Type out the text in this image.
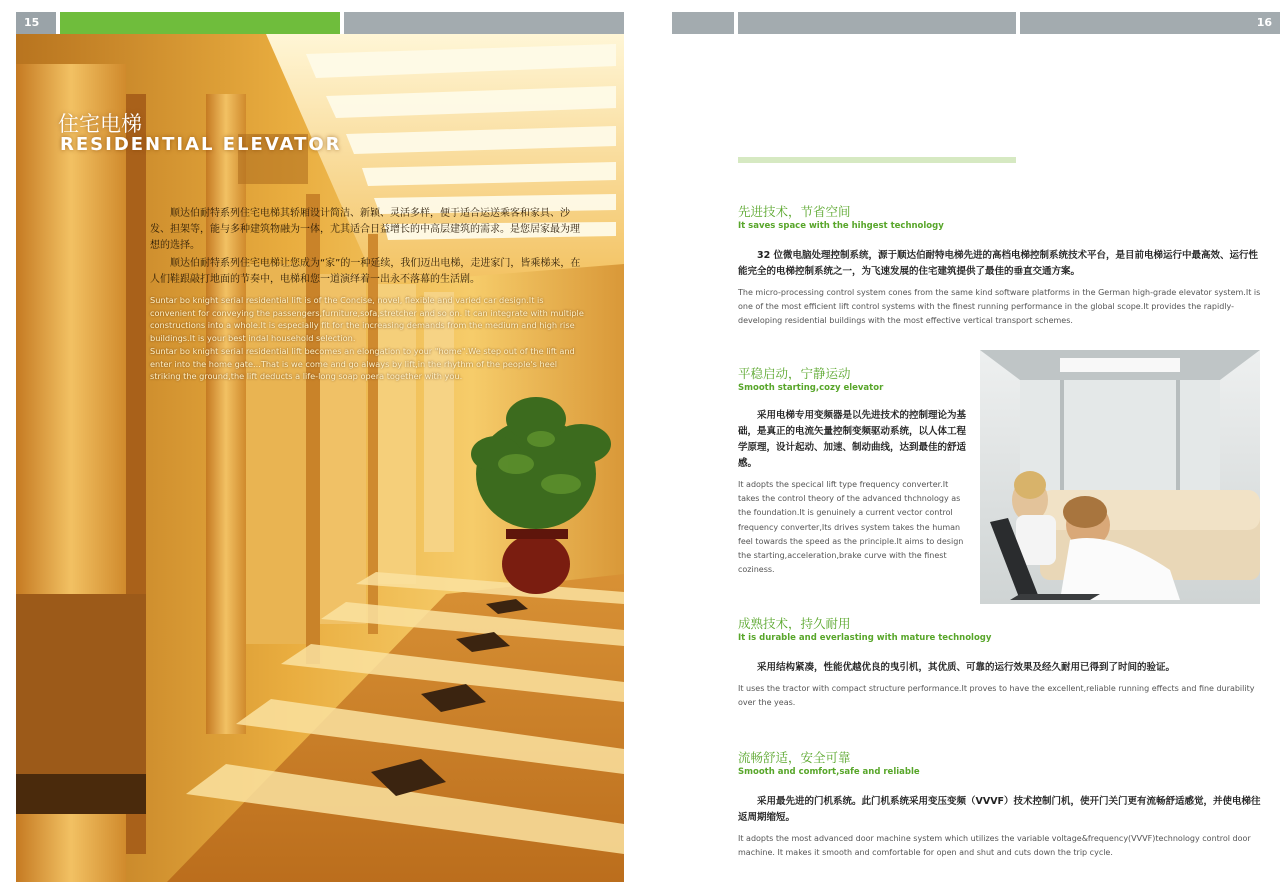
15
住宅电梯
RESIDENTIAL ELEVATOR

顺达伯耐特系列住宅电梯其轿厢设计简洁、新颖、灵活多样，便于适合运送乘客和家具、沙发、担架等，能与多种建筑物融为一体，尤其适合日益增长的中高层建筑的需求。是您居家最为理想的选择。

顺达伯耐特系列住宅电梯让您成为“家”的一种延续，我们迈出电梯，走进家门，皆乘梯来，在人们鞋跟敲打地面的节奏中，电梯和您一道演绎着一出永不落幕的生活剧。

Suntar bo knight serial residential lift is of the Concise, novel, flexible and varied car design.It is convenient for conveying the passengers,furniture,sofa,stretcher and so on. It can integrate with multiple constructions into a whole.It is especially fit for the increasing demands from the medium and high rise buildings.It is your best indaI household selection.

Suntar bo knight serial residential lift becomes an elongation to your "home".We step out of the lift and enter into the home gate...That is we come and go always by lift,in the rhythm of the people's heel striking the ground,the lift deducts a life-long soap opera together with you.

16
先进技术，节省空间
It saves space with the hihgest technology

32 位微电脑处理控制系统，源于顺达伯耐特电梯先进的高档电梯控制系统技术平台，是目前电梯运行中最高效、运行性能完全的电梯控制系统之一，为飞速发展的住宅建筑提供了最佳的垂直交通方案。

The micro-processing control system cones from the same kind software platforms in the German high-grade elevator system.It is one of the most efficient lift control systems with the finest running performance in the global scope.It provides the rapidly-developing residential buildings with the most effective vertical transport schemes.

平稳启动，宁静运动
Smooth starting,cozy elevator

采用电梯专用变频器是以先进技术的控制理论为基础，是真正的电流矢量控制变频驱动系统，以人体工程学原理，设计起动、加速、制动曲线，达到最佳的舒适感。

It adopts the specical lift type frequency converter.It takes the control theory of the advanced thchnology as the foundation.It is genuinely a current vector control frequency converter,Its drives system takes the human feel towards the speed as the principle.It aims to design the starting,acceleration,brake curve with the finest coziness.

成熟技术，持久耐用
It is durable and everlasting with mature technology

采用结构紧凑，性能优越优良的曳引机，其优质、可靠的运行效果及经久耐用已得到了时间的验证。

It uses the tractor with compact structure performance.It proves to have the excellent,reliable running effects and fine durability over the yeas.

流畅舒适，安全可靠
Smooth and comfort,safe and reliable

采用最先进的门机系统。此门机系统采用变压变频（VVVF）技术控制门机，使开门关门更有流畅舒适感觉，并使电梯往返周期缩短。

It adopts the most advanced door machine system which utilizes the variable voltage&frequency(VVVF)technology control door machine. It makes it smooth and comfortable for open and shut and cuts down the trip cycle.
